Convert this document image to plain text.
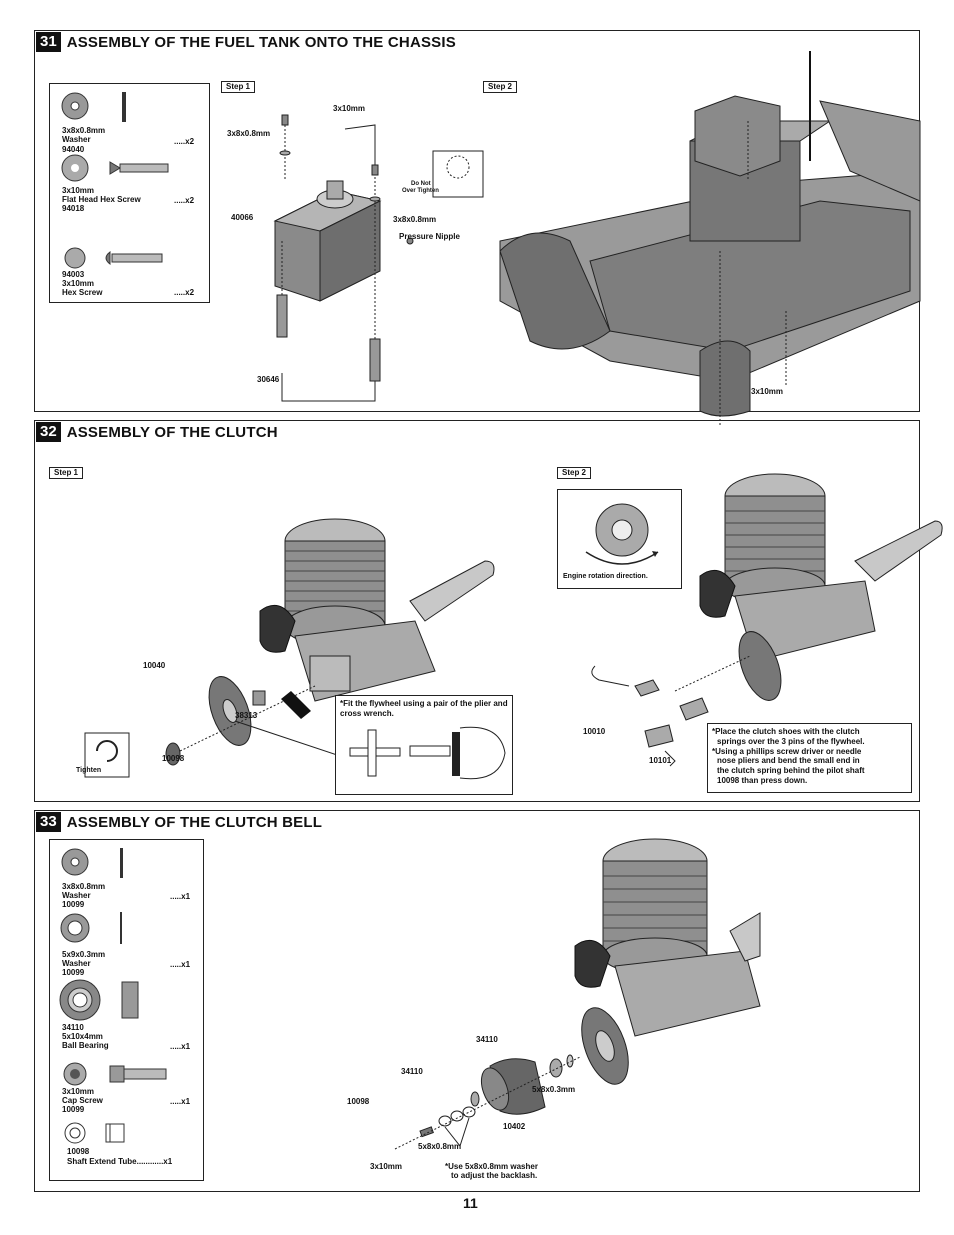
31 ASSEMBLY OF THE FUEL TANK ONTO THE CHASSIS
3x8x0.8mm
Washer
94040
.....x2
3x10mm
Flat Head Hex Screw
94018
.....x2
94003
3x10mm
Hex Screw	.....x2
Step 1	Step 2
3x10mm
3x8x0.8mm
40066
Do Not
Over Tighten
3x8x0.8mm
Pressure Nipple
30646
3x10mm
32 ASSEMBLY OF THE CLUTCH
Step 1	Step 2
10040
38313
10098
Tighten
*Fit the flywheel using a pair of the plier and cross wrench.
Engine rotation direction.
10010
10101
*Place the clutch shoes with the clutch
springs over the 3 pins of the flywheel.
*Using a phillips screw driver or needle
nose pliers and bend the small end in
the clutch spring behind the pilot shaft
10098 than press down.
33 ASSEMBLY OF THE CLUTCH BELL
3x8x0.8mm
Washer
10099
.....x1
5x9x0.3mm
Washer
10099
.....x1
34110
5x10x4mm
Ball Bearing	.....x1
3x10mm
Cap Screw
10099
.....x1
10098
Shaft Extend Tube............x1
34110
34110
5x8x0.3mm
10098
10402
5x8x0.8mm
3x10mm	*Use 5x8x0.8mm washer
to adjust the backlash.
11
